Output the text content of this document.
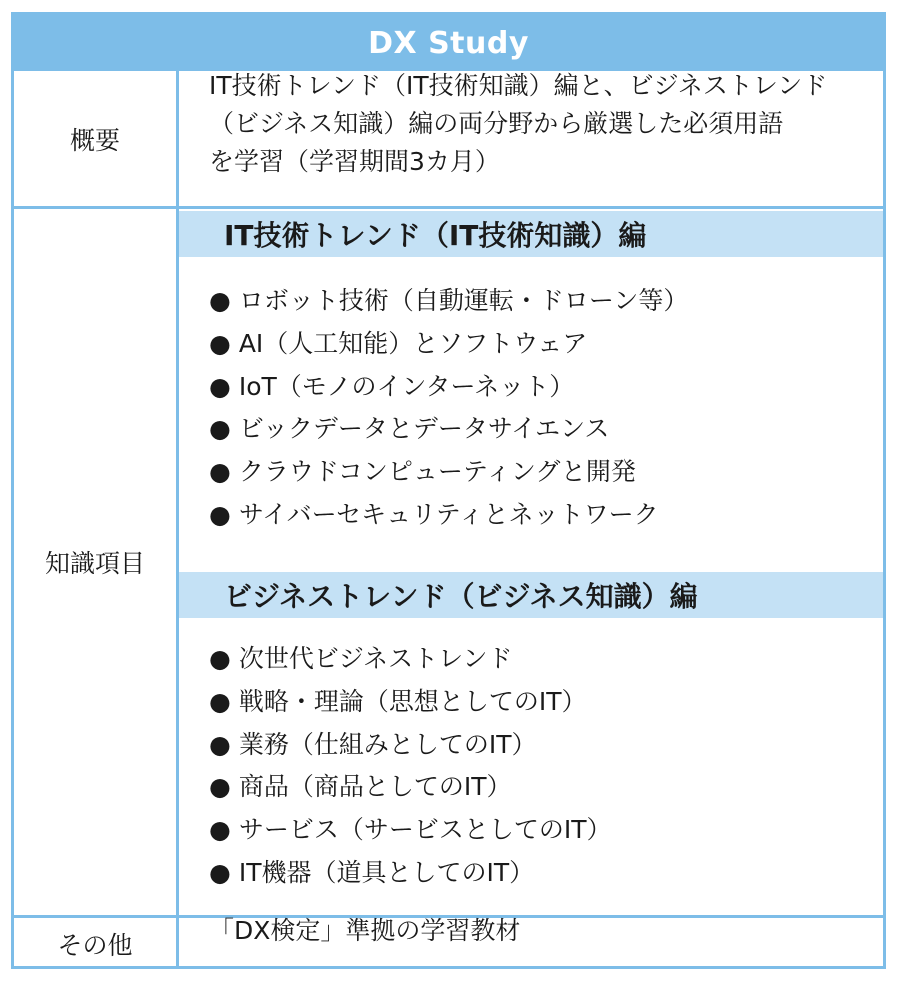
DX Study
概要
知識項目
IT技術トレンド（IT技術知識）編
ビジネストレンド（ビジネス知識）編
その他
IT技術トレンド（IT技術知識）編と、ビジネストレンド
（ビジネス知識）編の両分野から厳選した必須用語
を学習（学習期間3カ月）
● ロボット技術（自動運転・ドローン等）
● AI（人工知能）とソフトウェア
● IoT（モノのインターネット）
● ビックデータとデータサイエンス
● クラウドコンピューティングと開発
● サイバーセキュリティとネットワーク
● 次世代ビジネストレンド
● 戦略・理論（思想としてのIT）
● 業務（仕組みとしてのIT）
● 商品（商品としてのIT）
● サービス（サービスとしてのIT）
● IT機器（道具としてのIT）
「DX検定」準拠の学習教材
